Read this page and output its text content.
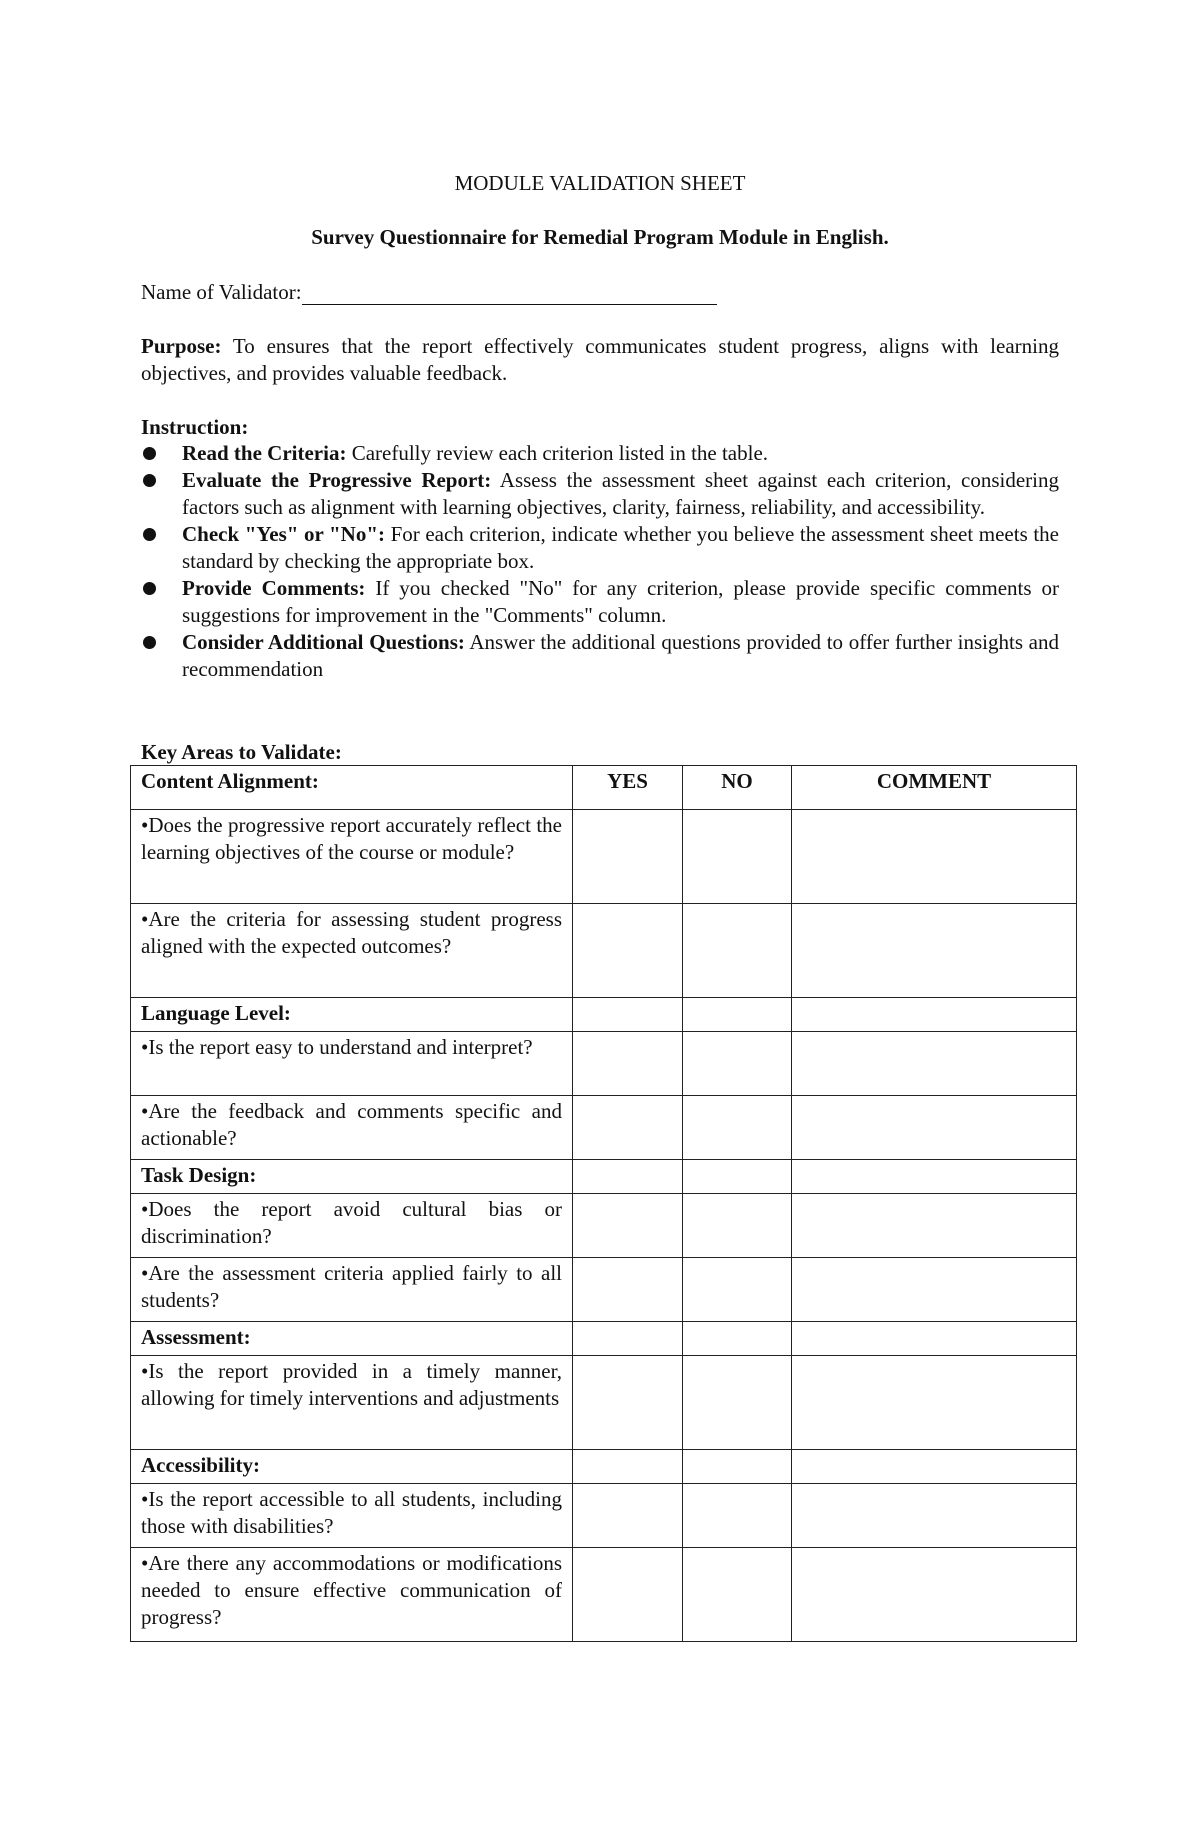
MODULE VALIDATION SHEET
Survey Questionnaire for Remedial Program Module in English.
Name of Validator:
Purpose: To ensures that the report effectively communicates student progress, aligns with learning objectives, and provides valuable feedback.
Instruction:
Read the Criteria: Carefully review each criterion listed in the table.
Evaluate the Progressive Report: Assess the assessment sheet against each criterion, considering factors such as alignment with learning objectives, clarity, fairness, reliability, and accessibility.
Check "Yes" or "No": For each criterion, indicate whether you believe the assessment sheet meets the standard by checking the appropriate box.
Provide Comments: If you checked "No" for any criterion, please provide specific comments or suggestions for improvement in the "Comments" column.
Consider Additional Questions: Answer the additional questions provided to offer further insights and recommendation
Key Areas to Validate:
Content Alignment:	YES	NO	COMMENT
•Does the progressive report accurately reflect the learning objectives of the course or module?			
•Are the criteria for assessing student progress aligned with the expected outcomes?			
Language Level:			
•Is the report easy to understand and interpret?			
•Are the feedback and comments specific and actionable?			
Task Design:			
•Does the report avoid cultural bias or discrimination?			
•Are the assessment criteria applied fairly to all students?			
Assessment:			
•Is the report provided in a timely manner, allowing for timely interventions and adjustments			
Accessibility:			
•Is the report accessible to all students, including those with disabilities?			
•Are there any accommodations or modifications needed to ensure effective communication of progress?			
